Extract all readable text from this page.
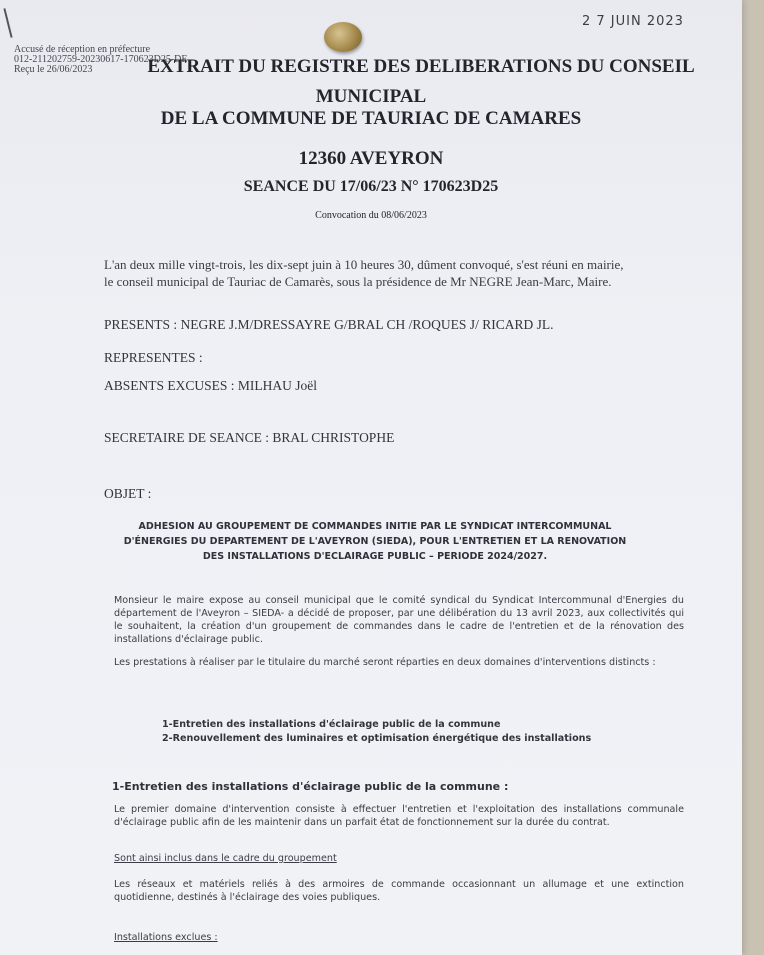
2 7 JUIN 2023
Accusé de réception en préfecture
012-211202759-20230617-170623D25-DE
Reçu le 26/06/2023	EXTRAIT DU REGISTRE DES DELIBERATIONS DU CONSEIL
MUNICIPAL
DE LA COMMUNE DE TAURIAC DE CAMARES
12360 AVEYRON
SEANCE DU 17/06/23 N° 170623D25
Convocation du 08/06/2023
L'an deux mille vingt-trois, les dix-sept juin à 10 heures 30, dûment convoqué, s'est réuni en mairie, le conseil municipal de Tauriac de Camarès, sous la présidence de Mr NEGRE Jean-Marc, Maire.
PRESENTS : NEGRE J.M/DRESSAYRE G/BRAL CH /ROQUES J/ RICARD JL.
REPRESENTES :
ABSENTS EXCUSES : MILHAU Joël
SECRETAIRE DE SEANCE : BRAL CHRISTOPHE
OBJET :
ADHESION AU GROUPEMENT DE COMMANDES INITIE PAR LE SYNDICAT INTERCOMMUNAL D'ÉNERGIES DU DEPARTEMENT DE L'AVEYRON (SIEDA), POUR L'ENTRETIEN ET LA RENOVATION DES INSTALLATIONS D'ECLAIRAGE PUBLIC – PERIODE 2024/2027.
Monsieur le maire expose au conseil municipal que le comité syndical du Syndicat Intercommunal d'Energies du département de l'Aveyron – SIEDA- a décidé de proposer, par une délibération du 13 avril 2023, aux collectivités qui le souhaitent, la création d'un groupement de commandes dans le cadre de l'entretien et de la rénovation des installations d'éclairage public.
Les prestations à réaliser par le titulaire du marché seront réparties en deux domaines d'interventions distincts :
1-Entretien des installations d'éclairage public de la commune
2-Renouvellement des luminaires et optimisation énergétique des installations
1-Entretien des installations d'éclairage public de la commune :
Le premier domaine d'intervention consiste à effectuer l'entretien et l'exploitation des installations communale d'éclairage public afin de les maintenir dans un parfait état de fonctionnement sur la durée du contrat.
Sont ainsi inclus dans le cadre du groupement
Les réseaux et matériels reliés à des armoires de commande occasionnant un allumage et une extinction quotidienne, destinés à l'éclairage des voies publiques.
Installations exclues :
